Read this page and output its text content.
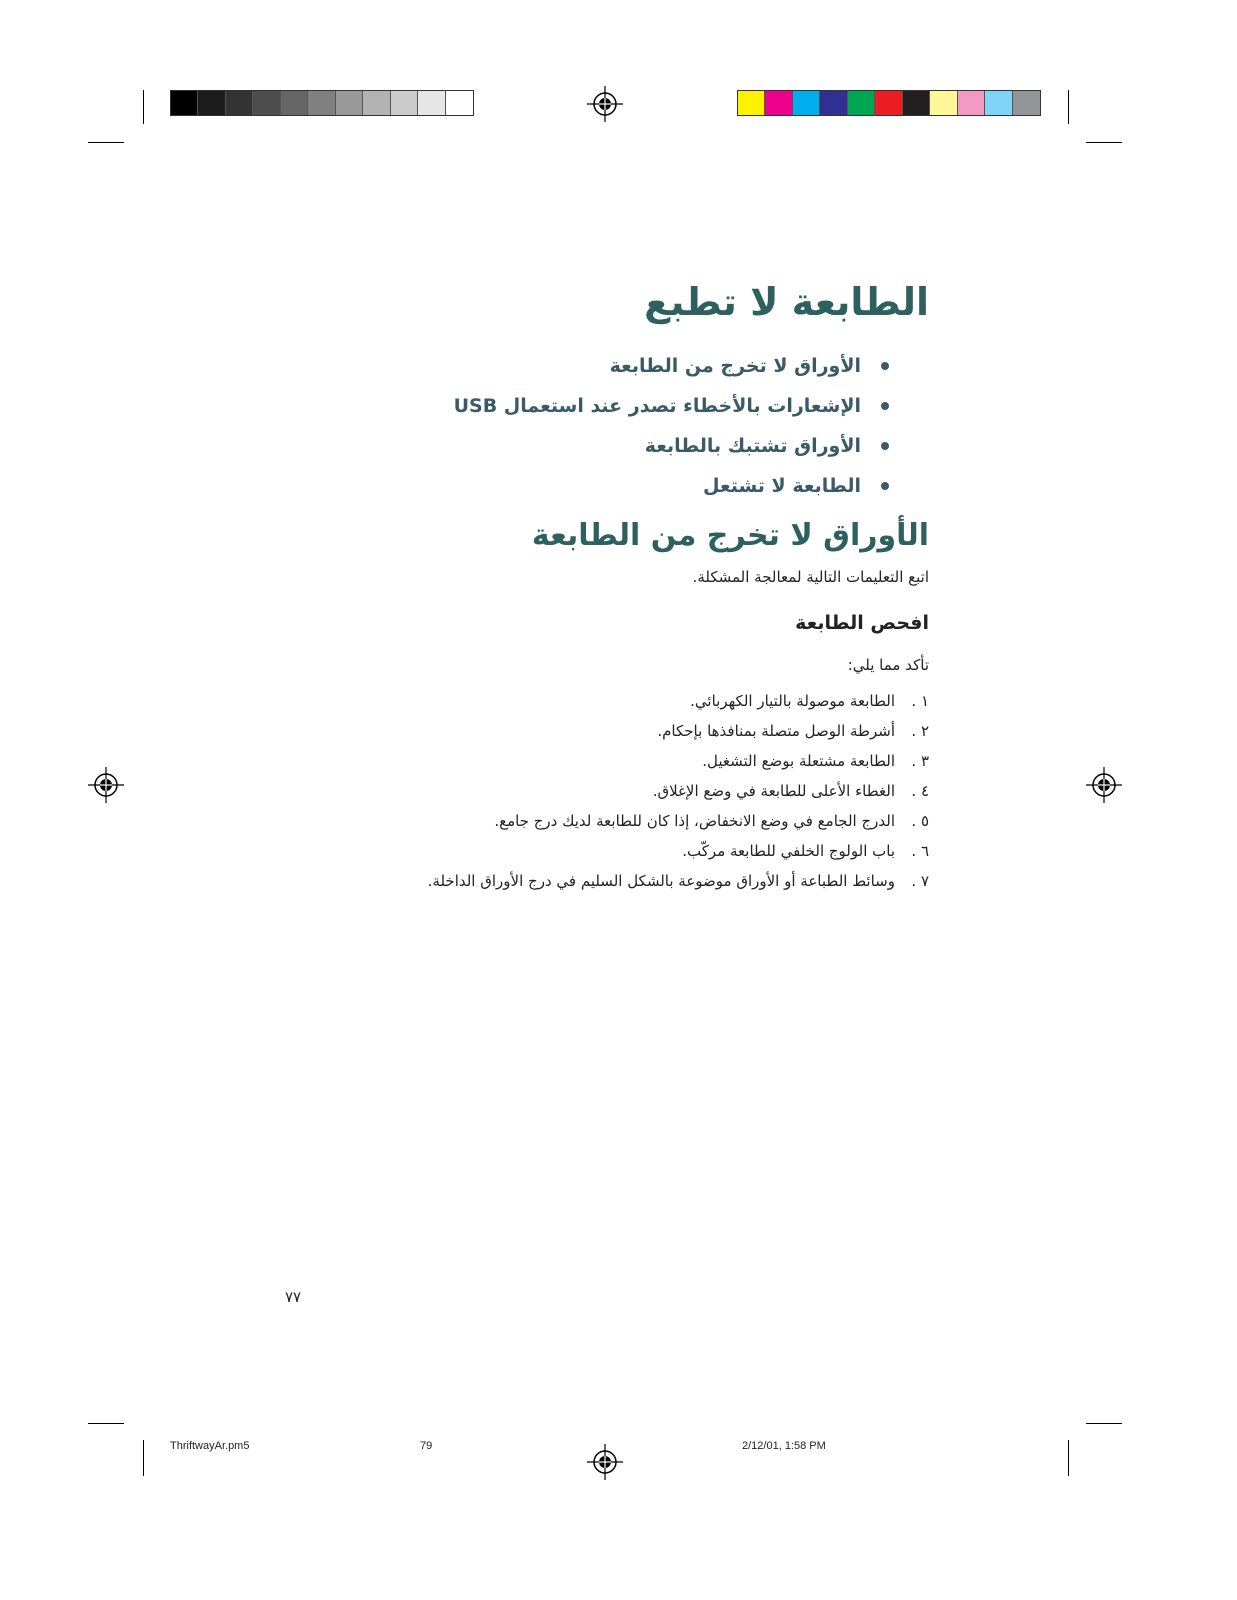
الطابعة لا تطبع
الأوراق لا تخرج من الطابعة
الإشعارات بالأخطاء تصدر عند استعمال USB
الأوراق تشتبك بالطابعة
الطابعة لا تشتعل
الأوراق لا تخرج من الطابعة
اتبع التعليمات التالية لمعالجة المشكلة.
افحص الطابعة
تأكد مما يلي:
١ .
الطابعة موصولة بالتيار الكهربائي.
٢ .
أشرطة الوصل متصلة بمنافذها بإحكام.
٣ .
الطابعة مشتعلة بوضع التشغيل.
٤ .
الغطاء الأعلى للطابعة في وضع الإغلاق.
٥ .
الدرج الجامع في وضع الانخفاض، إذا كان للطابعة لديك درج جامع.
٦ .
باب الولوج الخلفي للطابعة مركّب.
٧ .
وسائط الطباعة أو الأوراق موضوعة بالشكل السليم في درج الأوراق الداخلة.
٧٧
ThriftwayAr.pm5	79	2/12/01, 1:58 PM
